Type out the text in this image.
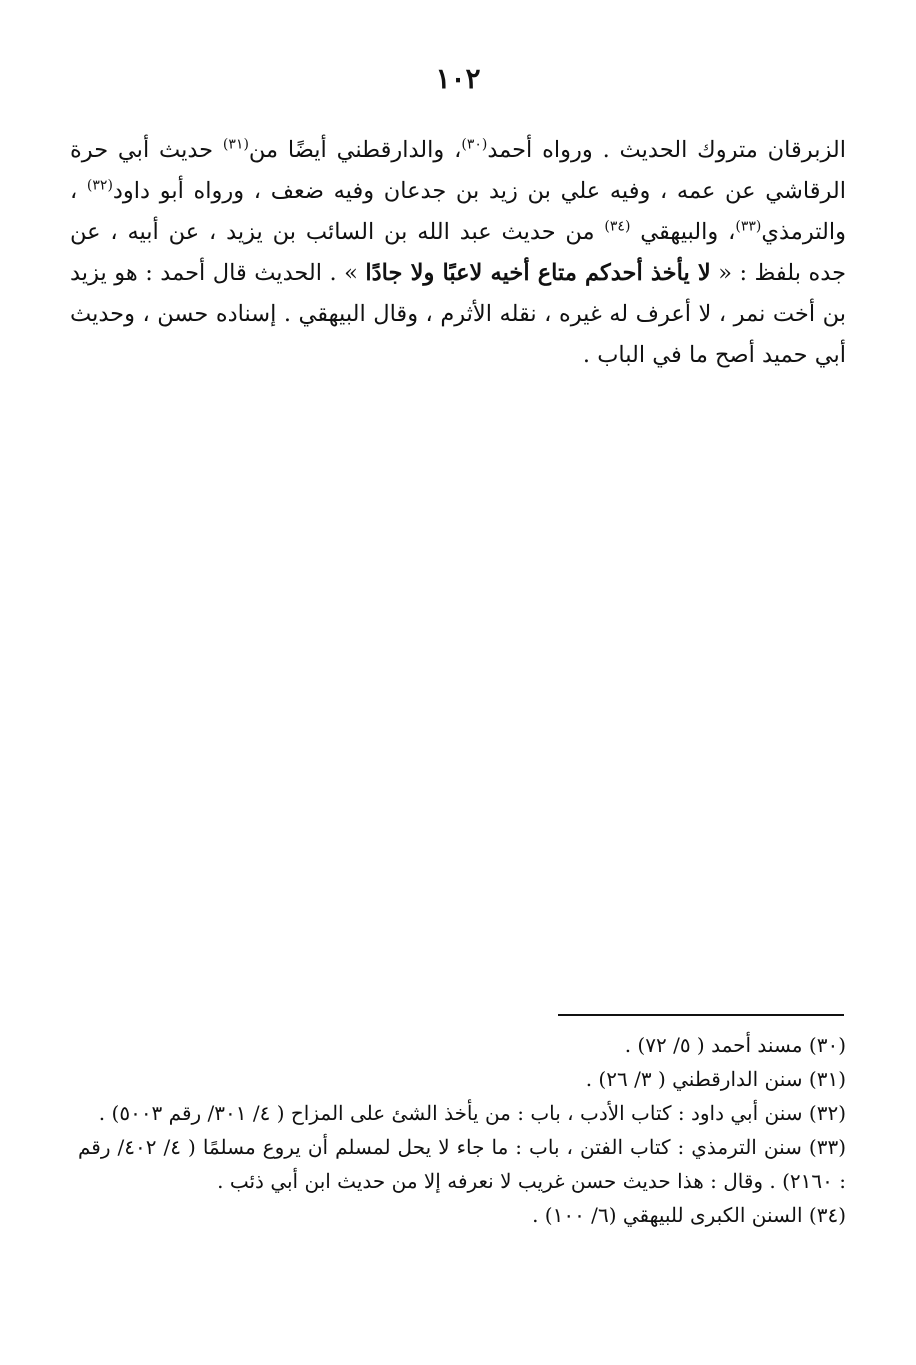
١٠٢

الزبرقان متروك الحديث . ورواه أحمد$^{(٣٠)}$، والدارقطني أيضًا من$^{(٣١)}$ حديث أبي حرة الرقاشي عن عمه ، وفيه علي بن زيد بن جدعان وفيه ضعف ، ورواه أبو داود$^{(٣٢)}$ ، والترمذي$^{(٣٣)}$، والبيهقي $^{(٣٤)}$ من حديث عبد الله بن السائب بن يزيد ، عن أبيه ، عن جده بلفظ : « لا يأخذ أحدكم متاع أخيه لاعبًا ولا جادًا » . الحديث قال أحمد : هو يزيد بن أخت نمر ، لا أعرف له غيره ، نقله الأثرم ، وقال البيهقي . إسناده حسن ، وحديث أبي حميد أصح ما في الباب .

(٣٠) مسند أحمد ( ٥/ ٧٢) .

(٣١) سنن الدارقطني ( ٣/ ٢٦) .

(٣٢) سنن أبي داود : كتاب الأدب ، باب : من يأخذ الشئ على المزاح ( ٤/ ٣٠١/ رقم ٥٠٠٣) .

(٣٣) سنن الترمذي : كتاب الفتن ، باب : ما جاء لا يحل لمسلم أن يروع مسلمًا ( ٤/ ٤٠٢/ رقم : ٢١٦٠) . وقال : هذا حديث حسن غريب لا نعرفه إلا من حديث ابن أبي ذئب .

(٣٤) السنن الكبرى للبيهقي (٦/ ١٠٠) .
